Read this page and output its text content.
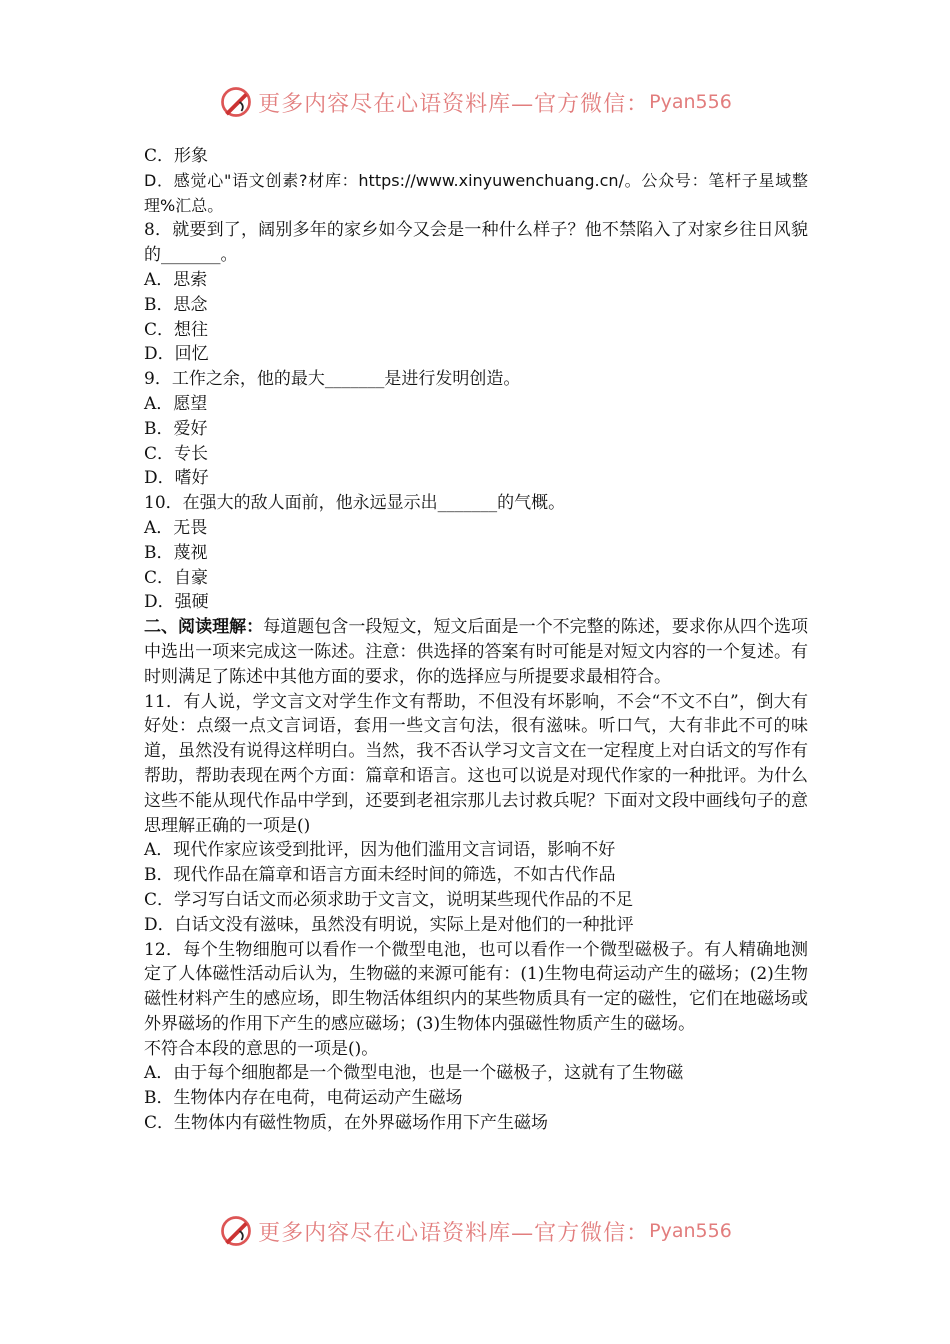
更多内容尽在心语资料库—官方微信： Pyan556

C．形象

D．感觉心"语文创素?材库：https://www.xinyuwenchuang.cn/。公众号：笔杆子星域整理%汇总。

8．就要到了，阔别多年的家乡如今又会是一种什么样子？他不禁陷入了对家乡往日风貌的_______。

A．思索

B．思念

C．想往

D．回忆

9．工作之余，他的最大_______是进行发明创造。

A．愿望

B．爱好

C．专长

D．嗜好

10．在强大的敌人面前，他永远显示出_______的气概。

A．无畏

B．蔑视

C．自豪

D．强硬

二、阅读理解：每道题包含一段短文，短文后面是一个不完整的陈述，要求你从四个选项中选出一项来完成这一陈述。注意：供选择的答案有时可能是对短文内容的一个复述。有时则满足了陈述中其他方面的要求，你的选择应与所提要求最相符合。

11．有人说，学文言文对学生作文有帮助，不但没有坏影响，不会“不文不白”，倒大有好处：点缀一点文言词语，套用一些文言句法，很有滋味。听口气，大有非此不可的味道，虽然没有说得这样明白。当然，我不否认学习文言文在一定程度上对白话文的写作有帮助，帮助表现在两个方面：篇章和语言。这也可以说是对现代作家的一种批评。为什么这些不能从现代作品中学到，还要到老祖宗那儿去讨救兵呢？下面对文段中画线句子的意思理解正确的一项是()

A．现代作家应该受到批评，因为他们滥用文言词语，影响不好

B．现代作品在篇章和语言方面未经时间的筛选，不如古代作品

C．学习写白话文而必须求助于文言文，说明某些现代作品的不足

D．白话文没有滋味，虽然没有明说，实际上是对他们的一种批评

12．每个生物细胞可以看作一个微型电池，也可以看作一个微型磁极子。有人精确地测定了人体磁性活动后认为，生物磁的来源可能有：(1)生物电荷运动产生的磁场；(2)生物磁性材料产生的感应场，即生物活体组织内的某些物质具有一定的磁性，它们在地磁场或外界磁场的作用下产生的感应磁场；(3)生物体内强磁性物质产生的磁场。

不符合本段的意思的一项是()。

A．由于每个细胞都是一个微型电池，也是一个磁极子，这就有了生物磁

B．生物体内存在电荷，电荷运动产生磁场

C．生物体内有磁性物质，在外界磁场作用下产生磁场

更多内容尽在心语资料库—官方微信： Pyan556
